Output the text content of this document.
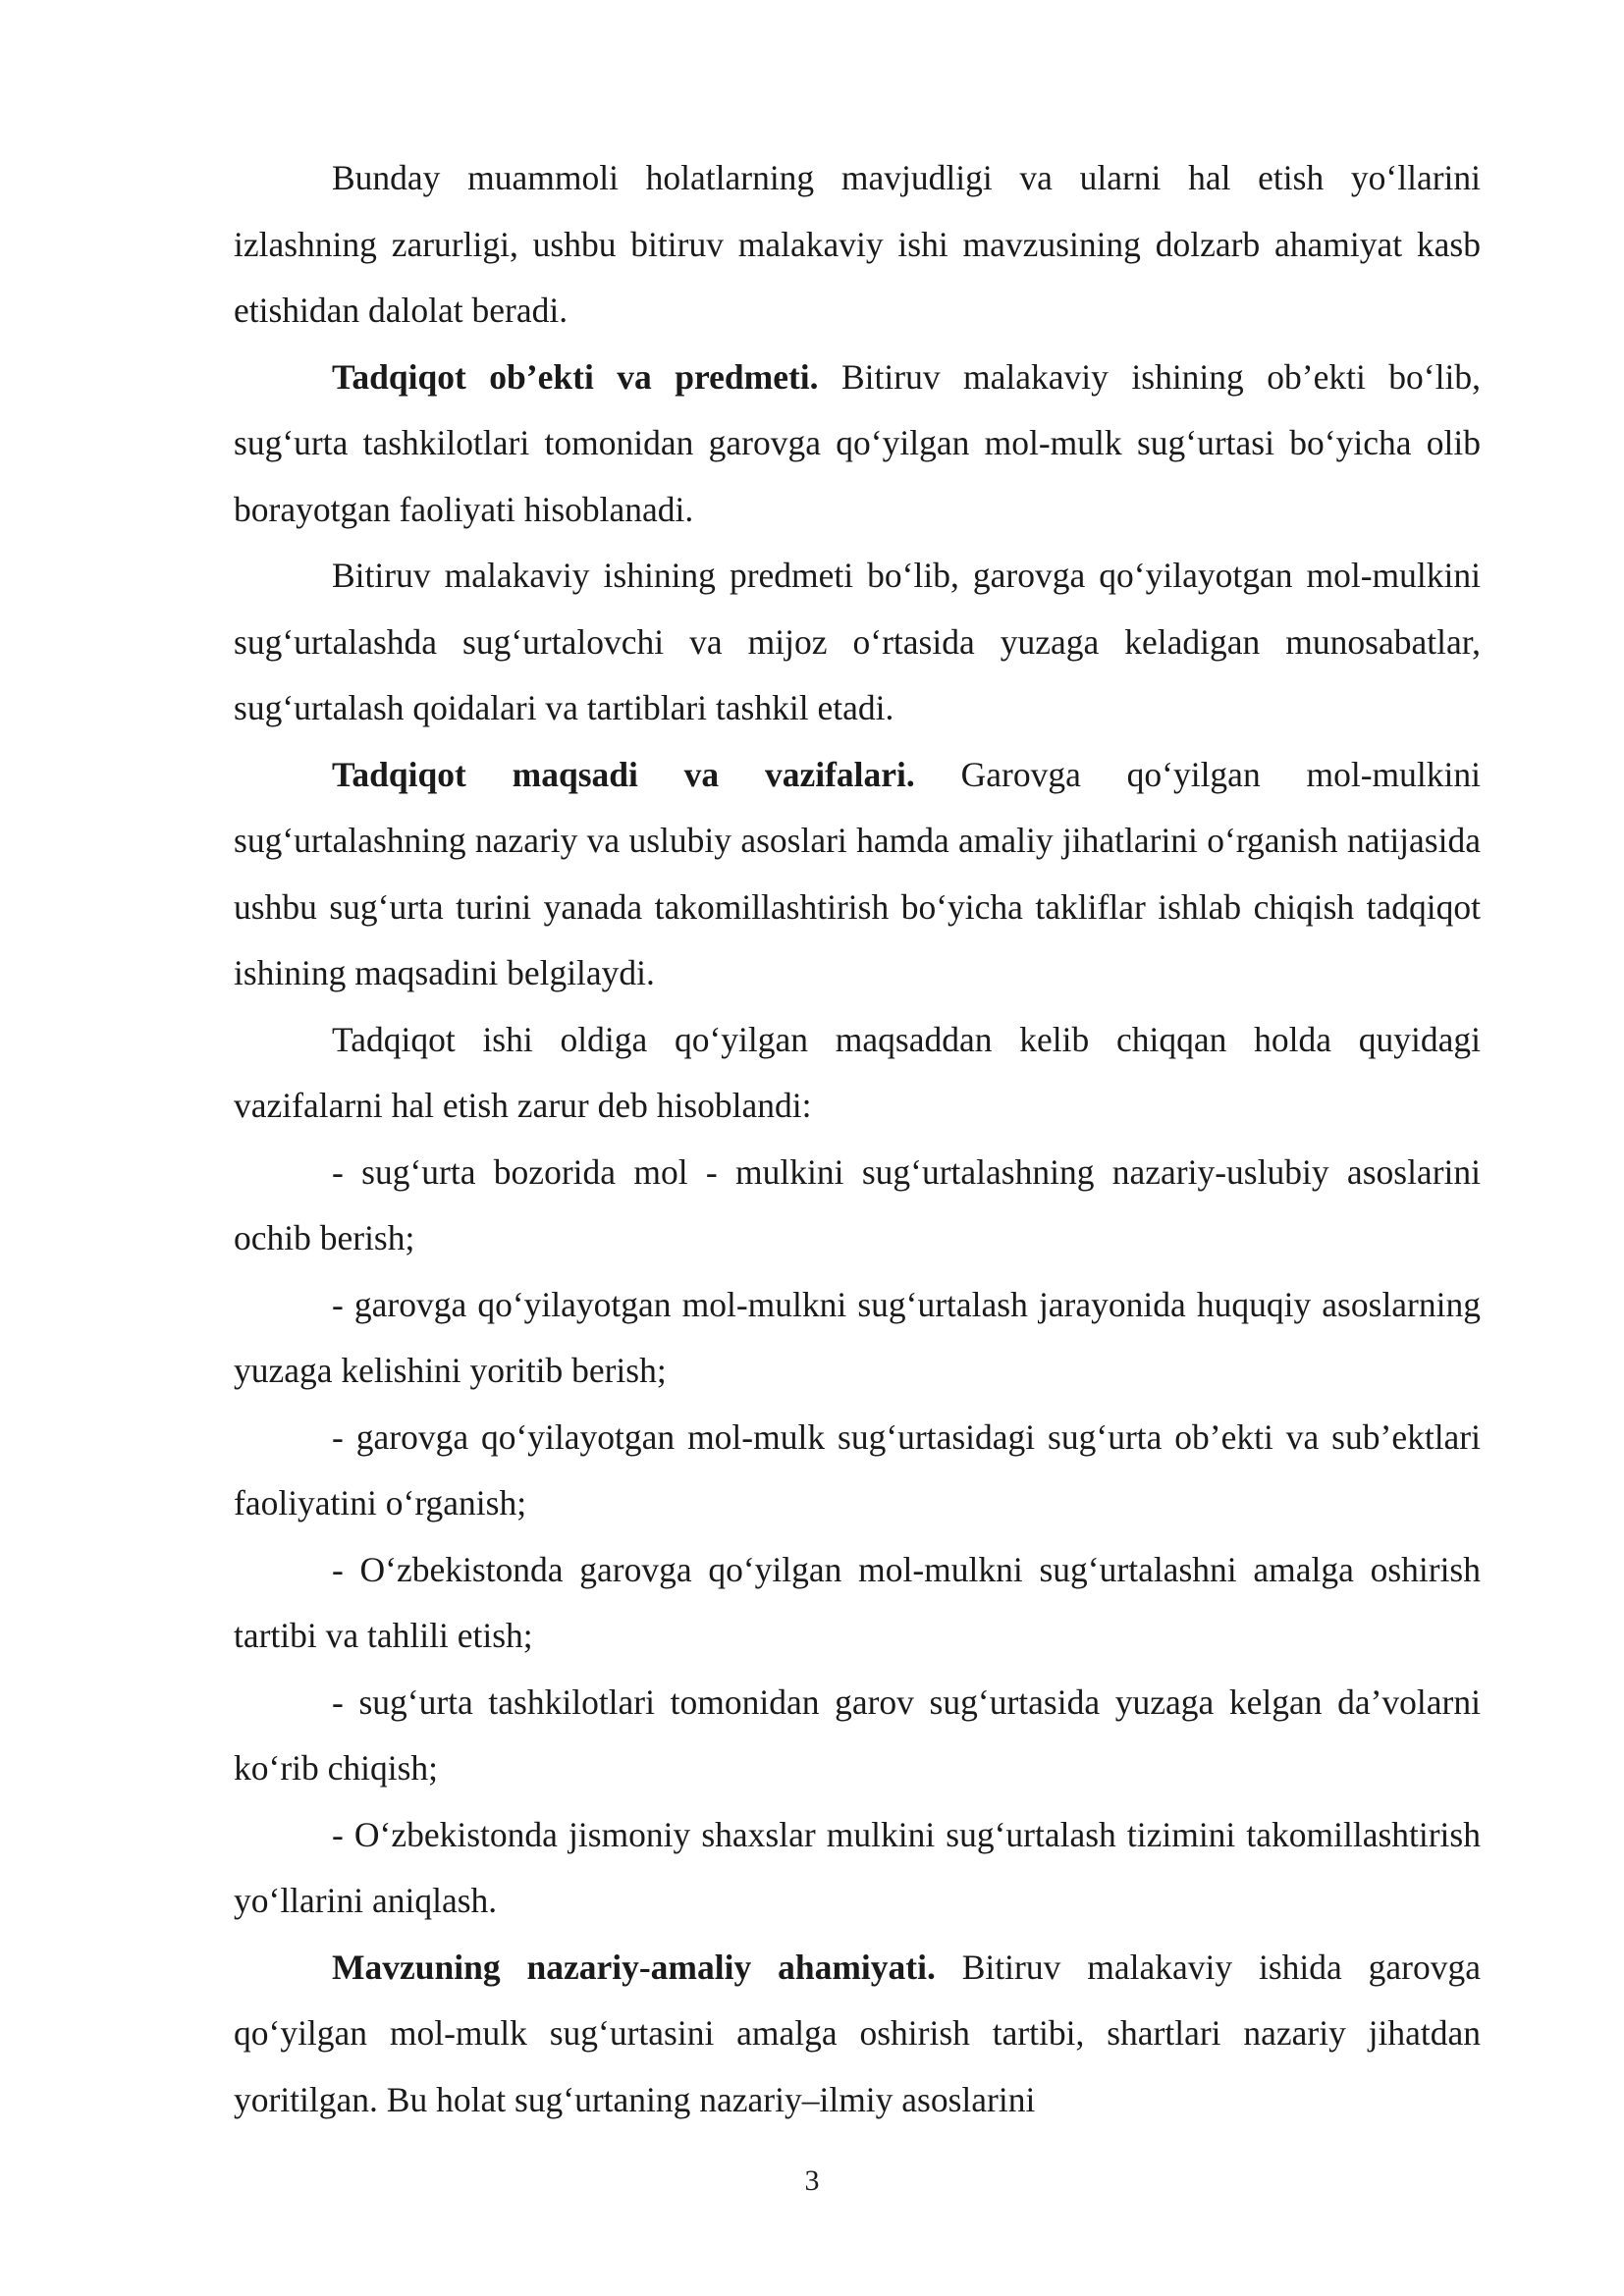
Bunday muammoli holatlarning mavjudligi va ularni hal etish yo‘llarini izlashning zarurligi, ushbu bitiruv malakaviy ishi mavzusining dolzarb ahamiyat kasb etishidan dalolat beradi.

Tadqiqot ob’ekti va predmeti. Bitiruv malakaviy ishining ob’ekti bo‘lib, sug‘urta tashkilotlari tomonidan garovga qo‘yilgan mol-mulk sug‘urtasi bo‘yicha olib borayotgan faoliyati hisoblanadi.

Bitiruv malakaviy ishining predmeti bo‘lib, garovga qo‘yilayotgan mol-mulkini sug‘urtalashda sug‘urtalovchi va mijoz o‘rtasida yuzaga keladigan munosabatlar, sug‘urtalash qoidalari va tartiblari tashkil etadi.

Tadqiqot maqsadi va vazifalari. Garovga qo‘yilgan mol-mulkini sug‘urtalashning nazariy va uslubiy asoslari hamda amaliy jihatlarini o‘rganish natijasida ushbu sug‘urta turini yanada takomillashtirish bo‘yicha takliflar ishlab chiqish tadqiqot ishining maqsadini belgilaydi.

Tadqiqot ishi oldiga qo‘yilgan maqsaddan kelib chiqqan holda quyidagi vazifalarni hal etish zarur deb hisoblandi:

- sug‘urta bozorida mol - mulkini sug‘urtalashning nazariy-uslubiy asoslarini ochib berish;

- garovga qo‘yilayotgan mol-mulkni sug‘urtalash jarayonida huquqiy asoslarning yuzaga kelishini yoritib berish;

- garovga qo‘yilayotgan mol-mulk sug‘urtasidagi sug‘urta ob’ekti va sub’ektlari faoliyatini o‘rganish;

- O‘zbekistonda garovga qo‘yilgan mol-mulkni sug‘urtalashni amalga oshirish tartibi va tahlili etish;

- sug‘urta tashkilotlari tomonidan garov sug‘urtasida yuzaga kelgan da’volarni ko‘rib chiqish;

- O‘zbekistonda jismoniy shaxslar mulkini sug‘urtalash tizimini takomillashtirish yo‘llarini aniqlash.

Mavzuning nazariy-amaliy ahamiyati. Bitiruv malakaviy ishida garovga qo‘yilgan mol-mulk sug‘urtasini amalga oshirish tartibi, shartlari nazariy jihatdan yoritilgan. Bu holat sug‘urtaning nazariy–ilmiy asoslarini

3
